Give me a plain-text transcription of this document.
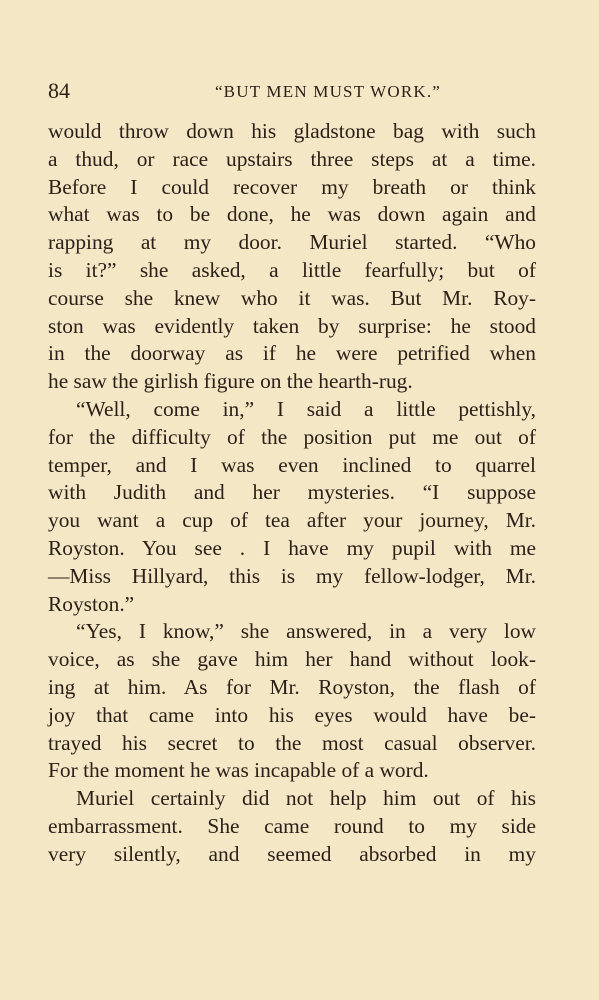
84	“BUT MEN MUST WORK.”
would throw down his gladstone bag with such
a thud, or race upstairs three steps at a time.
Before I could recover my breath or think
what was to be done, he was down again and
rapping at my door. Muriel started. “Who
is it?” she asked, a little fearfully; but of
course she knew who it was. But Mr. Roy-
ston was evidently taken by surprise: he stood
in the doorway as if he were petrified when
he saw the girlish figure on the hearth-rug.
“Well, come in,” I said a little pettishly,
for the difficulty of the position put me out of
temper, and I was even inclined to quarrel
with Judith and her mysteries. “I suppose
you want a cup of tea after your journey, Mr.
Royston. You see . I have my pupil with me
—Miss Hillyard, this is my fellow-lodger, Mr.
Royston.”
“Yes, I know,” she answered, in a very low
voice, as she gave him her hand without look-
ing at him. As for Mr. Royston, the flash of
joy that came into his eyes would have be-
trayed his secret to the most casual observer.
For the moment he was incapable of a word.
Muriel certainly did not help him out of his
embarrassment. She came round to my side
very silently, and seemed absorbed in my
